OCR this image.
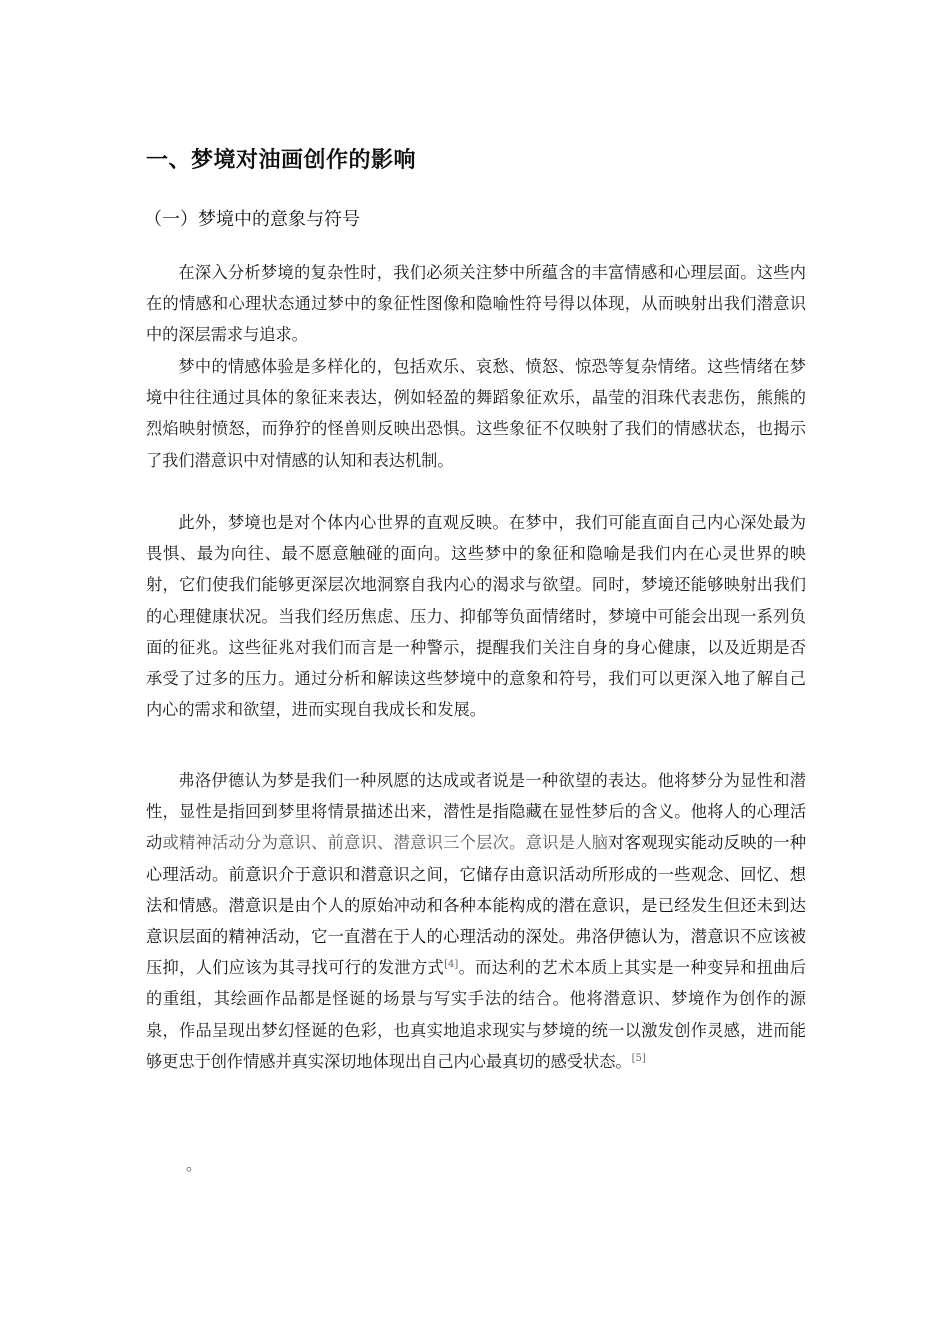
一、梦境对油画创作的影响
（一）梦境中的意象与符号

在深入分析梦境的复杂性时，我们必须关注梦中所蕴含的丰富情感和心理层面。这些内在的情感和心理状态通过梦中的象征性图像和隐喻性符号得以体现，从而映射出我们潜意识中的深层需求与追求。

梦中的情感体验是多样化的，包括欢乐、哀愁、愤怒、惊恐等复杂情绪。这些情绪在梦境中往往通过具体的象征来表达，例如轻盈的舞蹈象征欢乐，晶莹的泪珠代表悲伤，熊熊的烈焰映射愤怒，而狰狞的怪兽则反映出恐惧。这些象征不仅映射了我们的情感状态，也揭示了我们潜意识中对情感的认知和表达机制。

此外，梦境也是对个体内心世界的直观反映。在梦中，我们可能直面自己内心深处最为畏惧、最为向往、最不愿意触碰的面向。这些梦中的象征和隐喻是我们内在心灵世界的映射，它们使我们能够更深层次地洞察自我内心的渴求与欲望。同时，梦境还能够映射出我们的心理健康状况。当我们经历焦虑、压力、抑郁等负面情绪时，梦境中可能会出现一系列负面的征兆。这些征兆对我们而言是一种警示，提醒我们关注自身的身心健康，以及近期是否承受了过多的压力。通过分析和解读这些梦境中的意象和符号，我们可以更深入地了解自己内心的需求和欲望，进而实现自我成长和发展。

弗洛伊德认为梦是我们一种夙愿的达成或者说是一种欲望的表达。他将梦分为显性和潜性，显性是指回到梦里将情景描述出来，潜性是指隐藏在显性梦后的含义。他将人的心理活动或精神活动分为意识、前意识、潜意识三个层次。意识是人脑对客观现实能动反映的一种心理活动。前意识介于意识和潜意识之间，它储存由意识活动所形成的一些观念、回忆、想法和情感。潜意识是由个人的原始冲动和各种本能构成的潜在意识，是已经发生但还未到达意识层面的精神活动，它一直潜在于人的心理活动的深处。弗洛伊德认为，潜意识不应该被压抑，人们应该为其寻找可行的发泄方式[4]。而达利的艺术本质上其实是一种变异和扭曲后的重组，其绘画作品都是怪诞的场景与写实手法的结合。他将潜意识、梦境作为创作的源泉，作品呈现出梦幻怪诞的色彩，也真实地追求现实与梦境的统一以激发创作灵感，进而能够更忠于创作情感并真实深切地体现出自己内心最真切的感受状态。[5]

。
